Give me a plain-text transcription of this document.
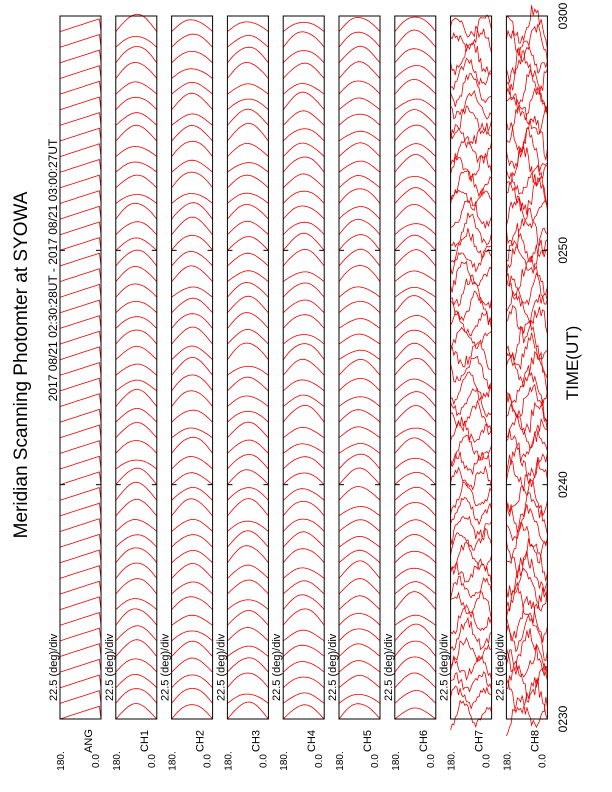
Meridian Scanning Photomter at SYOWA 2017 08/21 02:30:28UT - 2017 08/21 03:00:27UT	TIME(UT)
22.5 (deg)/div
ANG
180. 0.0
22.5 (deg)/div
CH1
180. 0.0
22.5 (deg)/div
CH2
180. 0.0
22.5 (deg)/div
CH3
180. 0.0
22.5 (deg)/div
CH4
180. 0.0
22.5 (deg)/div
CH5
180. 0.0
22.5 (deg)/div
CH6
180. 0.0
22.5 (deg)/div
CH7
180. 0.0
22.5 (deg)/div
CH8
180. 0.0
0230
0240
0250
0300
